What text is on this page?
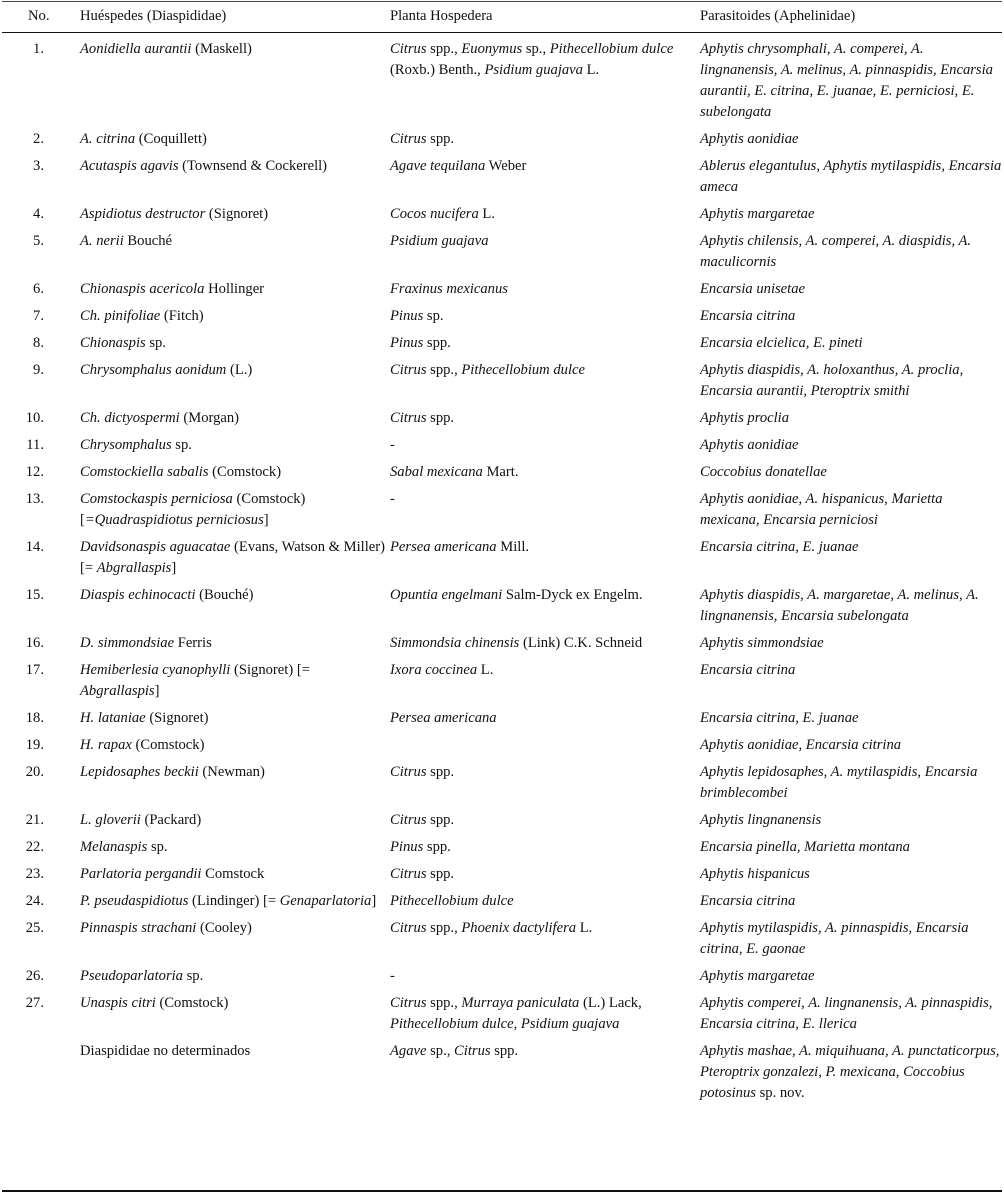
No.	Huéspedes (Diaspididae)	Planta Hospedera	Parasitoides (Aphelinidae)
1.	Aonidiella aurantii (Maskell)	Citrus spp., Euonymus sp., Pithecellobium dulce (Roxb.) Benth., Psidium guajava L.	Aphytis chrysomphali, A. comperei, A. lingnanensis, A. melinus, A. pinnaspidis, Encarsia aurantii, E. citrina, E. juanae, E. perniciosi, E. subelongata

2.	A. citrina (Coquillett)	Citrus spp.	Aphytis aonidiae

3.	Acutaspis agavis (Townsend & Cockerell)	Agave tequilana Weber	Ablerus elegantulus, Aphytis mytilaspidis, Encarsia ameca

4.	Aspidiotus destructor (Signoret)	Cocos nucifera L.	Aphytis margaretae

5.	A. nerii Bouché	Psidium guajava	Aphytis chilensis, A. comperei, A. diaspidis, A. maculicornis

6.	Chionaspis acericola Hollinger	Fraxinus mexicanus	Encarsia unisetae

7.	Ch. pinifoliae (Fitch)	Pinus sp.	Encarsia citrina

8.	Chionaspis sp.	Pinus spp.	Encarsia elcielica, E. pineti

9.	Chrysomphalus aonidum (L.)	Citrus spp., Pithecellobium dulce	Aphytis diaspidis, A. holoxanthus, A. proclia, Encarsia aurantii, Pteroptrix smithi

10.	Ch. dictyospermi (Morgan)	Citrus spp.	Aphytis proclia

11.	Chrysomphalus sp.	-	Aphytis aonidiae

12.	Comstockiella sabalis (Comstock)	Sabal mexicana Mart.	Coccobius donatellae

13.	Comstockaspis perniciosa (Comstock) [=Quadraspidiotus perniciosus]	-	Aphytis aonidiae, A. hispanicus, Marietta mexicana, Encarsia perniciosi

14.	Davidsonaspis aguacatae (Evans, Watson & Miller) [= Abgrallaspis]	Persea americana Mill.	Encarsia citrina, E. juanae

15.	Diaspis echinocacti (Bouché)	Opuntia engelmani Salm-Dyck ex Engelm.	Aphytis diaspidis, A. margaretae, A. melinus, A. lingnanensis, Encarsia subelongata

16.	D. simmondsiae Ferris	Simmondsia chinensis (Link) C.K. Schneid	Aphytis simmondsiae

17.	Hemiberlesia cyanophylli (Signoret) [= Abgrallaspis]	Ixora coccinea L.	Encarsia citrina

18.	H. lataniae (Signoret)	Persea americana	Encarsia citrina, E. juanae

19.	H. rapax (Comstock)		Aphytis aonidiae, Encarsia citrina

20.	Lepidosaphes beckii (Newman)	Citrus spp.	Aphytis lepidosaphes, A. mytilaspidis, Encarsia brimblecombei

21.	L. gloverii (Packard)	Citrus spp.	Aphytis lingnanensis

22.	Melanaspis sp.	Pinus spp.	Encarsia pinella, Marietta montana

23.	Parlatoria pergandii Comstock	Citrus spp.	Aphytis hispanicus

24.	P. pseudaspidiotus (Lindinger) [= Genaparlatoria]	Pithecellobium dulce	Encarsia citrina

25.	Pinnaspis strachani (Cooley)	Citrus spp., Phoenix dactylifera L.	Aphytis mytilaspidis, A. pinnaspidis, Encarsia citrina, E. gaonae

26.	Pseudoparlatoria sp.	-	Aphytis margaretae

27.	Unaspis citri (Comstock)	Citrus spp., Murraya paniculata (L.) Lack, Pithecellobium dulce, Psidium guajava	Aphytis comperei, A. lingnanensis, A. pinnaspidis, Encarsia citrina, E. llerica

	Diaspididae no determinados	Agave sp., Citrus spp.	Aphytis mashae, A. miquihuana, A. punctaticorpus, Pteroptrix gonzalezi, P. mexicana, Coccobius potosinus sp. nov.
